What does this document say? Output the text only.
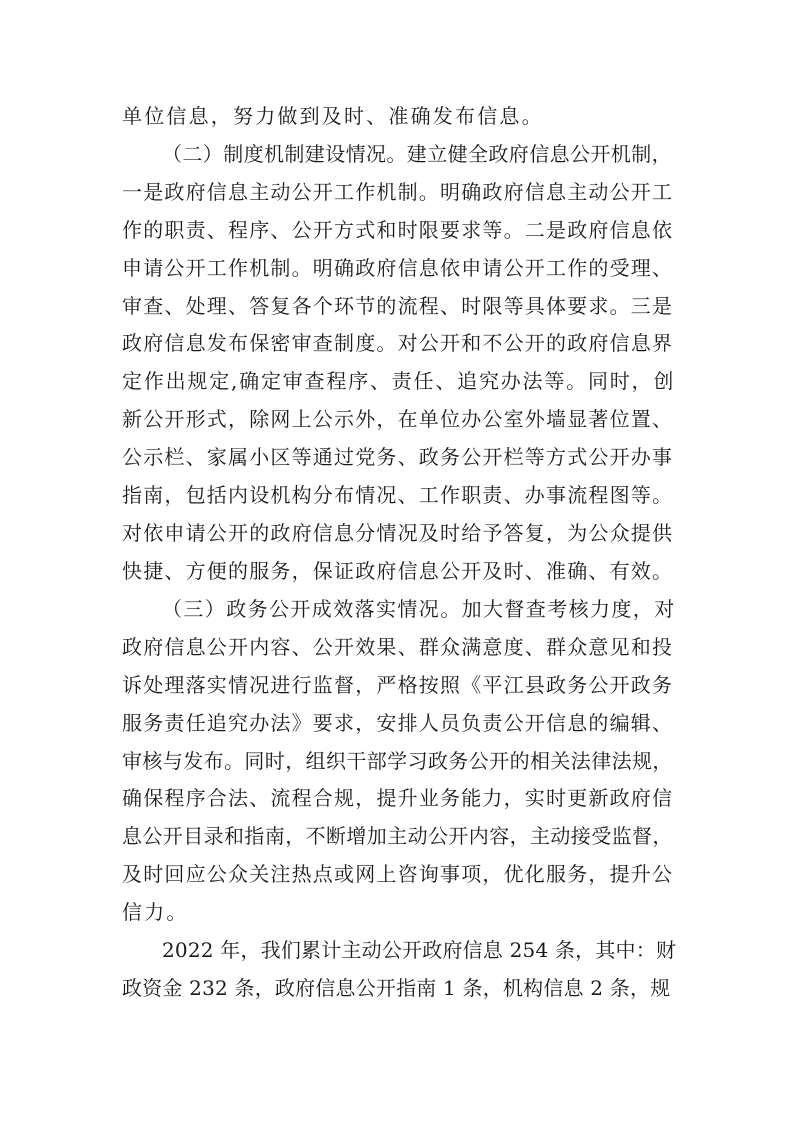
单位信息，努力做到及时、准确发布信息。
（二）制度机制建设情况。建立健全政府信息公开机制，
一是政府信息主动公开工作机制。明确政府信息主动公开工
作的职责、程序、公开方式和时限要求等。二是政府信息依
申请公开工作机制。明确政府信息依申请公开工作的受理、
审查、处理、答复各个环节的流程、时限等具体要求。三是
政府信息发布保密审查制度。对公开和不公开的政府信息界
定作出规定,确定审查程序、责任、追究办法等。同时，创
新公开形式，除网上公示外，在单位办公室外墙显著位置、
公示栏、家属小区等通过党务、政务公开栏等方式公开办事
指南，包括内设机构分布情况、工作职责、办事流程图等。
对依申请公开的政府信息分情况及时给予答复，为公众提供
快捷、方便的服务，保证政府信息公开及时、准确、有效。
（三）政务公开成效落实情况。加大督查考核力度，对
政府信息公开内容、公开效果、群众满意度、群众意见和投
诉处理落实情况进行监督，严格按照《平江县政务公开政务
服务责任追究办法》要求，安排人员负责公开信息的编辑、
审核与发布。同时，组织干部学习政务公开的相关法律法规，
确保程序合法、流程合规，提升业务能力，实时更新政府信
息公开目录和指南，不断增加主动公开内容，主动接受监督，
及时回应公众关注热点或网上咨询事项，优化服务，提升公
信力。
2022 年，我们累计主动公开政府信息 254 条，其中：财
政资金 232 条，政府信息公开指南 1 条，机构信息 2 条，规
